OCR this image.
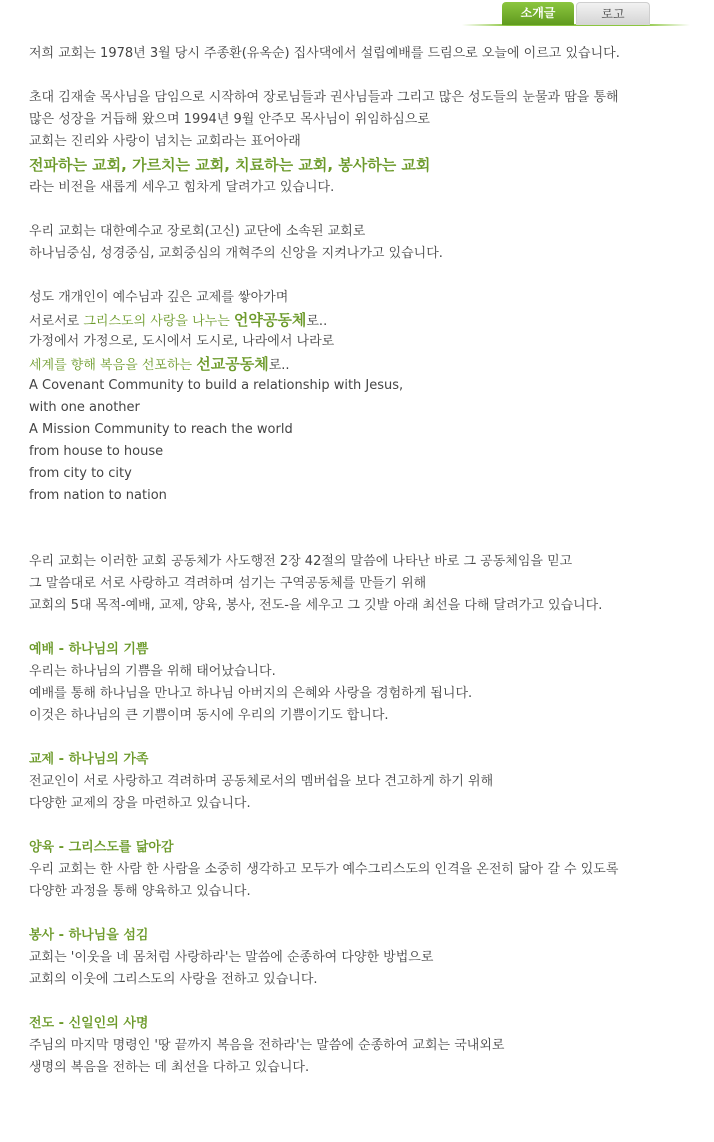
소개글	로고
저희 교회는 1978년 3월 당시 주종환(유옥순) 집사댁에서 설립예배를 드림으로 오늘에 이르고 있습니다.
초대 김재술 목사님을 담임으로 시작하여 장로님들과 권사님들과 그리고 많은 성도들의 눈물과 땀을 통해
많은 성장을 거듭해 왔으며 1994년 9월 안주모 목사님이 위임하심으로
교회는 진리와 사랑이 넘치는 교회라는 표어아래
전파하는 교회, 가르치는 교회, 치료하는 교회, 봉사하는 교회
라는 비전을 새롭게 세우고 힘차게 달려가고 있습니다.
우리 교회는 대한예수교 장로회(고신) 교단에 소속된 교회로
하나님중심, 성경중심, 교회중심의 개혁주의 신앙을 지켜나가고 있습니다.
성도 개개인이 예수님과 깊은 교제를 쌓아가며
서로서로 그리스도의 사랑을 나누는 언약공동체로..
가정에서 가정으로, 도시에서 도시로, 나라에서 나라로
세계를 향해 복음을 선포하는 선교공동체로..
A Covenant Community to build a relationship with Jesus,
with one another
A Mission Community to reach the world
from house to house
from city to city
from nation to nation
우리 교회는 이러한 교회 공동체가 사도행전 2장 42절의 말씀에 나타난 바로 그 공동체임을 믿고
그 말씀대로 서로 사랑하고 격려하며 섬기는 구역공동체를 만들기 위해
교회의 5대 목적-예배, 교제, 양육, 봉사, 전도-을 세우고 그 깃발 아래 최선을 다해 달려가고 있습니다.
예배 - 하나님의 기쁨
우리는 하나님의 기쁨을 위해 태어났습니다.
예배를 통해 하나님을 만나고 하나님 아버지의 은혜와 사랑을 경험하게 됩니다.
이것은 하나님의 큰 기쁨이며 동시에 우리의 기쁨이기도 합니다.
교제 - 하나님의 가족
전교인이 서로 사랑하고 격려하며 공동체로서의 멤버쉽을 보다 견고하게 하기 위해
다양한 교제의 장을 마련하고 있습니다.
양육 - 그리스도를 닮아감
우리 교회는 한 사람 한 사람을 소중히 생각하고 모두가 예수그리스도의 인격을 온전히 닮아 갈 수 있도록
다양한 과정을 통해 양육하고 있습니다.
봉사 - 하나님을 섬김
교회는 '이웃을 네 몸처럼 사랑하라'는 말씀에 순종하여 다양한 방법으로
교회의 이웃에 그리스도의 사랑을 전하고 있습니다.
전도 - 신일인의 사명
주님의 마지막 명령인 '땅 끝까지 복음을 전하라'는 말씀에 순종하여 교회는 국내외로
생명의 복음을 전하는 데 최선을 다하고 있습니다.
